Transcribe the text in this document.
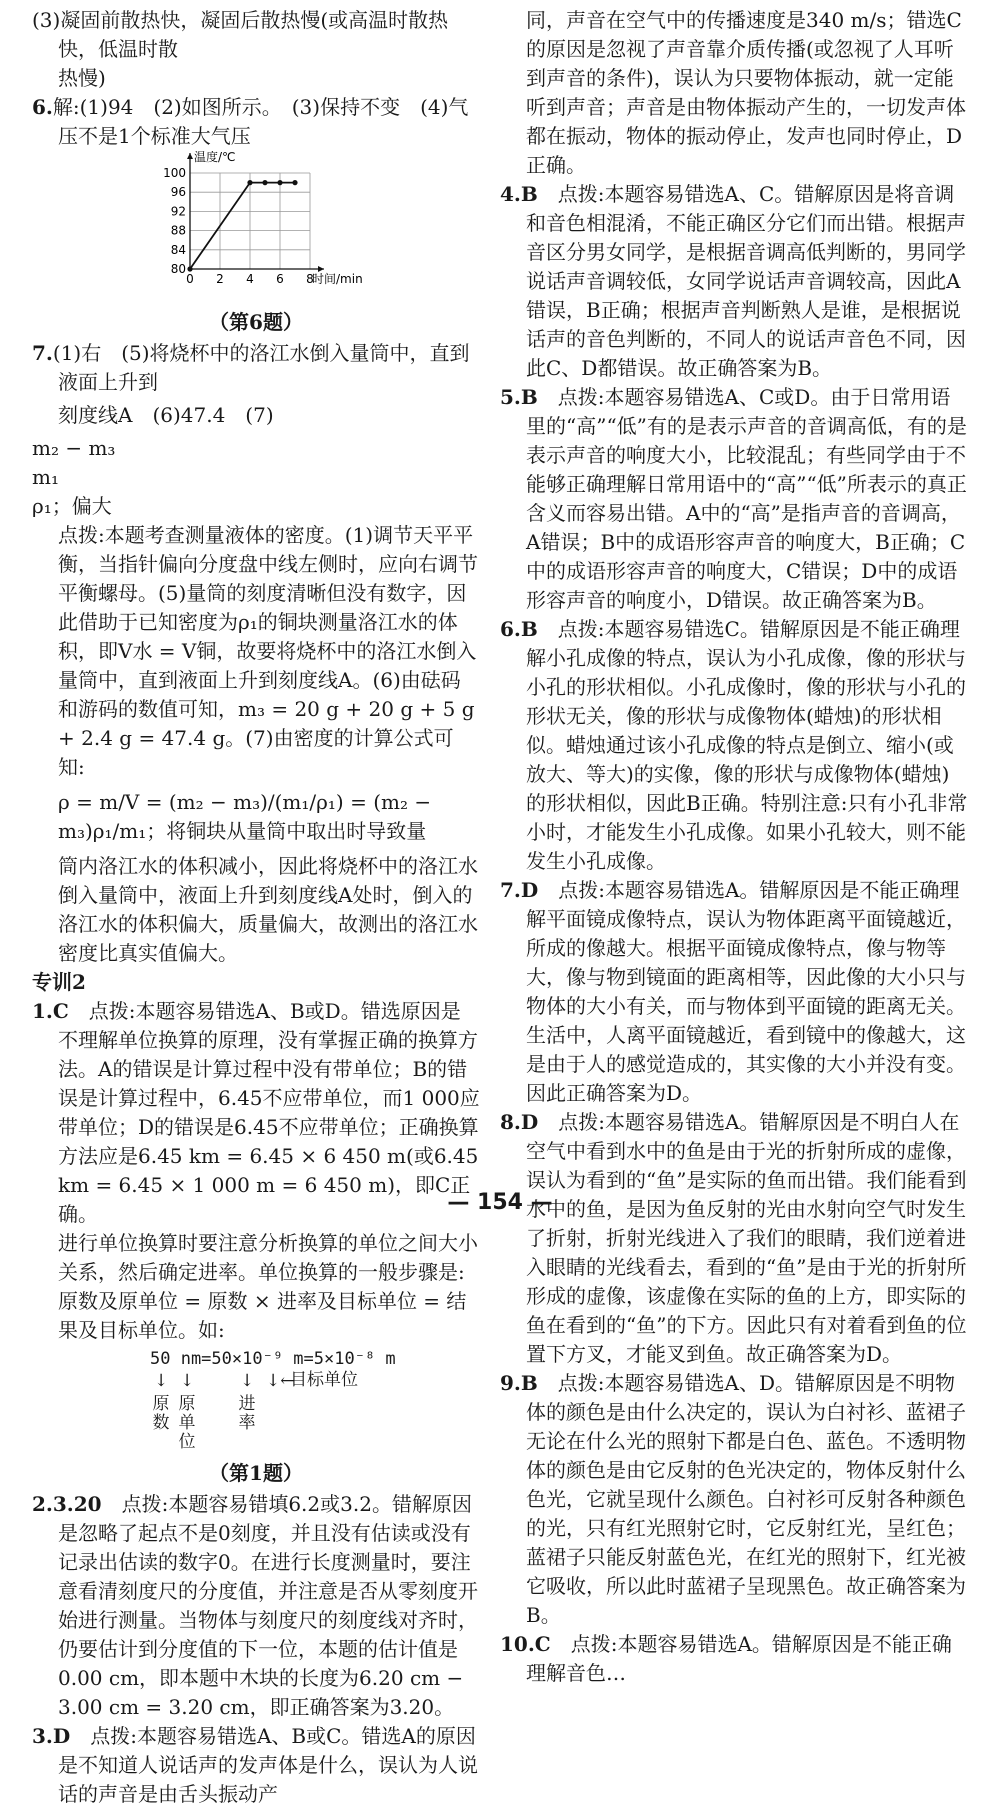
(3)凝固前散热快，凝固后散热慢(或高温时散热快，低温时散

热慢)

6.解:(1)94　(2)如图所示。　(3)保持不变　(4)气压不是1个标准大气压

80
84
88
92
96
100
0 2 4 6 8
温度/℃
时间/min

（第6题）

7.(1)右　(5)将烧杯中的洛江水倒入量筒中，直到液面上升到

刻度线A　(6)47.4　(7)

m₂ − m₃
m₁
ρ₁；偏大

点拨:本题考查测量液体的密度。(1)调节天平平衡，当指针偏向分度盘中线左侧时，应向右调节平衡螺母。(5)量筒的刻度清晰但没有数字，因此借助于已知密度为ρ₁的铜块测量洛江水的体积，即V水 = V铜，故要将烧杯中的洛江水倒入量筒中，直到液面上升到刻度线A。(6)由砝码和游码的数值可知，m₃ = 20 g + 20 g + 5 g + 2.4 g = 47.4 g。(7)由密度的计算公式可知:

ρ = m/V = (m₂ − m₃)/(m₁/ρ₁) = (m₂ − m₃)ρ₁/m₁；将铜块从量筒中取出时导致量

筒内洛江水的体积减小，因此将烧杯中的洛江水倒入量筒中，液面上升到刻度线A处时，倒入的洛江水的体积偏大，质量偏大，故测出的洛江水密度比真实值偏大。

专训2

1.C　 点拨:本题容易错选A、B或D。错选原因是不理解单位换算的原理，没有掌握正确的换算方法。A的错误是计算过程中没有带单位；B的错误是计算过程中，6.45不应带单位，而1 000应带单位；D的错误是6.45不应带单位；正确换算方法应是6.45 km = 6.45 × 6 450 m(或6.45 km = 6.45 × 1 000 m = 6 450 m)，即C正确。

进行单位换算时要注意分析换算的单位之间大小关系，然后确定进率。单位换算的一般步骤是:原数及原单位 = 原数 × 进率及目标单位 = 结果及目标单位。如:

50 nm=50×10⁻⁹ m=5×10⁻⁸ m
↓ ↓	↓ ↓←
原数
原单位
进率
目标单位

（第1题）

2.3.20　 点拨:本题容易错填6.2或3.2。错解原因是忽略了起点不是0刻度，并且没有估读或没有记录出估读的数字0。在进行长度测量时，要注意看清刻度尺的分度值，并注意是否从零刻度开始进行测量。当物体与刻度尺的刻度线对齐时，仍要估计到分度值的下一位，本题的估计值是0.00 cm，即本题中木块的长度为6.20 cm − 3.00 cm = 3.20 cm，即正确答案为3.20。

3.D　 点拨:本题容易错选A、B或C。错选A的原因是不知道人说话声的发声体是什么，误认为人说话的声音是由舌头振动产

同，声音在空气中的传播速度是340 m/s；错选C的原因是忽视了声音靠介质传播(或忽视了人耳听到声音的条件)，误认为只要物体振动，就一定能听到声音；声音是由物体振动产生的，一切发声体都在振动，物体的振动停止，发声也同时停止，D正确。

4.B　 点拨:本题容易错选A、C。错解原因是将音调和音色相混淆，不能正确区分它们而出错。根据声音区分男女同学，是根据音调高低判断的，男同学说话声音调较低，女同学说话声音调较高，因此A错误，B正确；根据声音判断熟人是谁，是根据说话声的音色判断的，不同人的说话声音色不同，因此C、D都错误。故正确答案为B。

5.B　 点拨:本题容易错选A、C或D。由于日常用语里的“高”“低”有的是表示声音的音调高低，有的是表示声音的响度大小，比较混乱；有些同学由于不能够正确理解日常用语中的“高”“低”所表示的真正含义而容易出错。A中的“高”是指声音的音调高，A错误；B中的成语形容声音的响度大，B正确；C中的成语形容声音的响度大，C错误；D中的成语形容声音的响度小，D错误。故正确答案为B。

6.B　 点拨:本题容易错选C。错解原因是不能正确理解小孔成像的特点，误认为小孔成像，像的形状与小孔的形状相似。小孔成像时，像的形状与小孔的形状无关，像的形状与成像物体(蜡烛)的形状相似。蜡烛通过该小孔成像的特点是倒立、缩小(或放大、等大)的实像，像的形状与成像物体(蜡烛)的形状相似，因此B正确。特别注意:只有小孔非常小时，才能发生小孔成像。如果小孔较大，则不能发生小孔成像。

7.D　 点拨:本题容易错选A。错解原因是不能正确理解平面镜成像特点，误认为物体距离平面镜越近，所成的像越大。根据平面镜成像特点，像与物等大，像与物到镜面的距离相等，因此像的大小只与物体的大小有关，而与物体到平面镜的距离无关。生活中，人离平面镜越近，看到镜中的像越大，这是由于人的感觉造成的，其实像的大小并没有变。因此正确答案为D。

8.D　 点拨:本题容易错选A。错解原因是不明白人在空气中看到水中的鱼是由于光的折射所成的虚像，误认为看到的“鱼”是实际的鱼而出错。我们能看到水中的鱼，是因为鱼反射的光由水射向空气时发生了折射，折射光线进入了我们的眼睛，我们逆着进入眼睛的光线看去，看到的“鱼”是由于光的折射所形成的虚像，该虚像在实际的鱼的上方，即实际的鱼在看到的“鱼”的下方。因此只有对着看到鱼的位置下方叉，才能叉到鱼。故正确答案为D。

9.B　 点拨:本题容易错选A、D。错解原因是不明物体的颜色是由什么决定的，误认为白衬衫、蓝裙子无论在什么光的照射下都是白色、蓝色。不透明物体的颜色是由它反射的色光决定的，物体反射什么色光，它就呈现什么颜色。白衬衫可反射各种颜色的光，只有红光照射它时，它反射红光，呈红色；蓝裙子只能反射蓝色光，在红光的照射下，红光被它吸收，所以此时蓝裙子呈现黑色。故正确答案为B。

10.C　 点拨:本题容易错选A。错解原因是不能正确理解音色…

— 154 —
